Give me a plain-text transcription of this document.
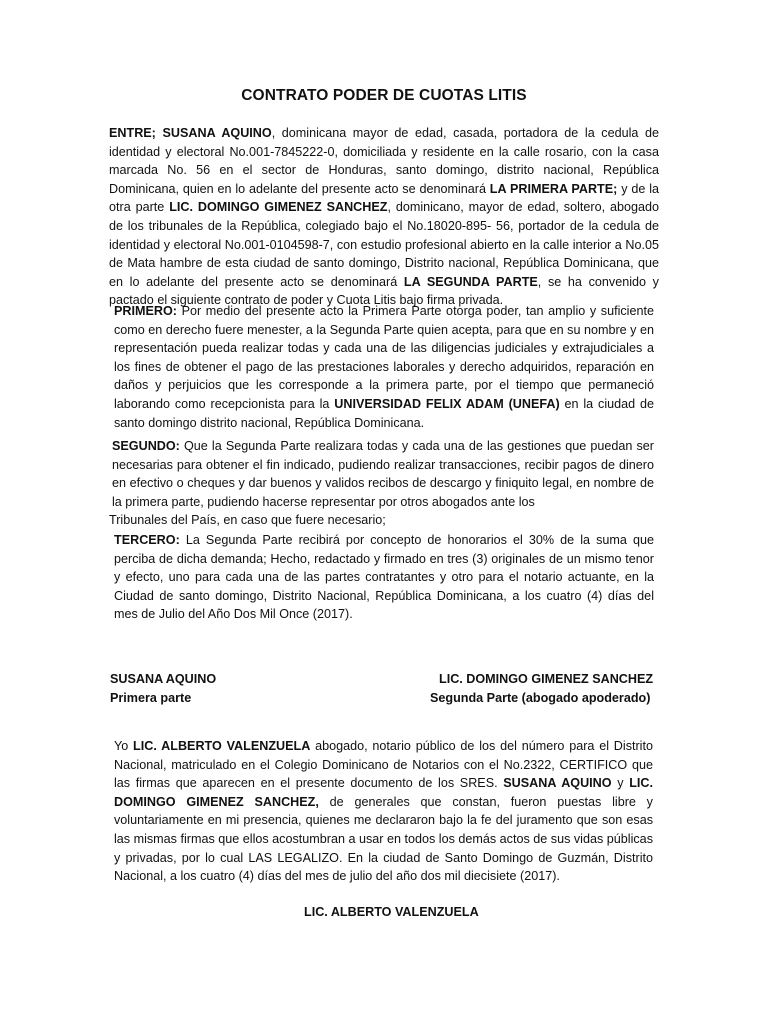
CONTRATO PODER DE CUOTAS LITIS

ENTRE; SUSANA AQUINO, dominicana mayor de edad, casada, portadora de la cedula de identidad y electoral No.001-7845222-0, domiciliada y residente en la calle rosario, con la casa marcada No. 56 en el sector de Honduras, santo domingo, distrito nacional, República Dominicana, quien en lo adelante del presente acto se denominará LA PRIMERA PARTE; y de la otra parte LIC. DOMINGO GIMENEZ SANCHEZ, dominicano, mayor de edad, soltero, abogado de los tribunales de la República, colegiado bajo el No.18020-895- 56, portador de la cedula de identidad y electoral No.001-0104598-7, con estudio profesional abierto en la calle interior a No.05 de Mata hambre de esta ciudad de santo domingo, Distrito nacional, República Dominicana, que en lo adelante del presente acto se denominará LA SEGUNDA PARTE, se ha convenido y pactado el siguiente contrato de poder y Cuota Litis bajo firma privada.

PRIMERO: Por medio del presente acto la Primera Parte otorga poder, tan amplio y suficiente como en derecho fuere menester, a la Segunda Parte quien acepta, para que en su nombre y en representación pueda realizar todas y cada una de las diligencias judiciales y extrajudiciales a los fines de obtener el pago de las prestaciones laborales y derecho adquiridos, reparación en daños y perjuicios que les corresponde a la primera parte, por el tiempo que permaneció laborando como recepcionista para la UNIVERSIDAD FELIX ADAM (UNEFA) en la ciudad de santo domingo distrito nacional, República Dominicana.

SEGUNDO: Que la Segunda Parte realizara todas y cada una de las gestiones que puedan ser necesarias para obtener el fin indicado, pudiendo realizar transacciones, recibir pagos de dinero en efectivo o cheques y dar buenos y validos recibos de descargo y finiquito legal, en nombre de la primera parte, pudiendo hacerse representar por otros abogados ante los
Tribunales del País, en caso que fuere necesario;

TERCERO: La Segunda Parte recibirá por concepto de honorarios el 30% de la suma que perciba de dicha demanda; Hecho, redactado y firmado en tres (3) originales de un mismo tenor y efecto, uno para cada una de las partes contratantes y otro para el notario actuante, en la Ciudad de santo domingo, Distrito Nacional, República Dominicana, a los cuatro (4) días del mes de Julio del Año Dos Mil Once (2017).

SUSANA AQUINO
Primera parte
LIC. DOMINGO GIMENEZ SANCHEZ
Segunda Parte (abogado apoderado)

Yo LIC. ALBERTO VALENZUELA abogado, notario público de los del número para el Distrito Nacional, matriculado en el Colegio Dominicano de Notarios con el No.2322, CERTIFICO que las firmas que aparecen en el presente documento de los SRES. SUSANA AQUINO y LIC. DOMINGO GIMENEZ SANCHEZ, de generales que constan, fueron puestas libre y voluntariamente en mi presencia, quienes me declararon bajo la fe del juramento que son esas las mismas firmas que ellos acostumbran a usar en todos los demás actos de sus vidas públicas y privadas, por lo cual LAS LEGALIZO. En la ciudad de Santo Domingo de Guzmán, Distrito Nacional, a los cuatro (4) días del mes de julio del año dos mil diecisiete (2017).

LIC. ALBERTO VALENZUELA
